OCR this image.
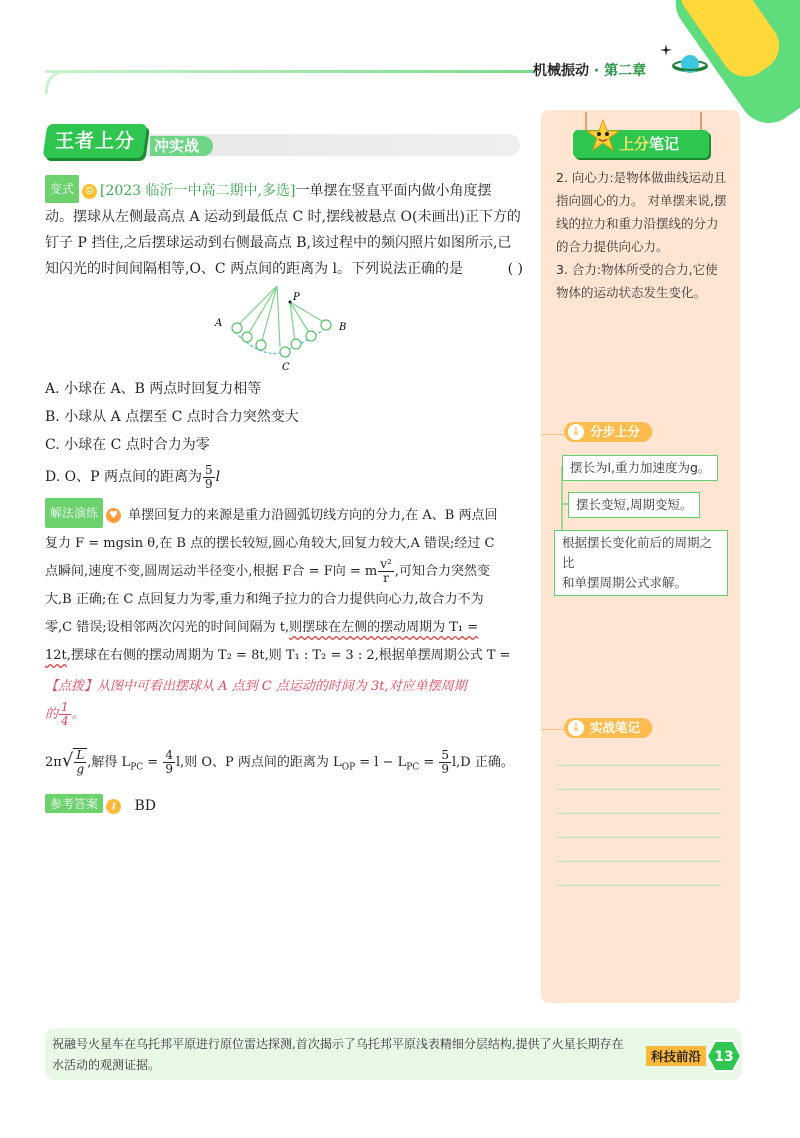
机械振动 · 第二章
冲实战
王者上分
变式 ☺ [2023 临沂一中高二期中,多选]一单摆在竖直平面内做小角度摆
动。摆球从左侧最高点 A 运动到最低点 C 时,摆线被悬点 O(未画出)正下方的
钉子 P 挡住,之后摆球运动到右侧最高点 B,该过程中的频闪照片如图所示,已
知闪光的时间间隔相等,O、C 两点间的距离为 l。下列说法正确的是	( )
P
A	B
C
A. 小球在 A、B 两点时回复力相等
B. 小球从 A 点摆至 C 点时合力突然变大
C. 小球在 C 点时合力为零
D. O、P 两点间的距离为 $\frac{5}{9}$ l
解法演练 ♥ 单摆回复力的来源是重力沿圆弧切线方向的分力,在 A、B 两点回
复力 F = mgsin θ,在 B 点的摆长较短,圆心角较大,回复力较大,A 错误;经过 C
点瞬间,速度不变,圆周运动半径变小,根据 F合 = F向 = m $\frac{\text{v²}}{r}$ ,可知合力突然变
大,B 正确;在 C 点回复力为零,重力和绳子拉力的合力提供向心力,故合力不为
零,C 错误;设相邻两次闪光的时间间隔为 t,则摆球在左侧的摆动周期为 T₁ =
12t,摆球在右侧的摆动周期为 T₂ = 8t,则 T₁ : T₂ = 3 : 2,根据单摆周期公式 T =
【点拨】从图中可看出摆球从 A 点到 C 点运动的时间为 3t,对应单摆周期
的 $\frac{1}{4}$ 。
$2\pi√ \frac{L}{g}$ ,解得 $L_{PC} = \frac{4}{9} l$,则 O、P 两点间的距离为 $L_{OP} = l - L_{PC} = \frac{5}{9} l,D$ 正确。
参考答案 ⚷ BD
上分笔记

2. 向心力:是物体做曲线运动且指向圆心的力。 对单摆来说,摆线的拉力和重力沿摆线的分力的合力提供向心力。

3. 合力:物体所受的合力,它使物体的运动状态发生变化。

↓ 分步上分
摆长为l,重力加速度为g。
摆长变短,周期变短。
根据摆长变化前后的周期之比
和单摆周期公式求解。
↓ 实战笔记
祝融号火星车在乌托邦平原进行原位雷达探测,首次揭示了乌托邦平原浅表精细分层结构,提供了火星长期存在水活动的观测证据。
科技前沿 13
